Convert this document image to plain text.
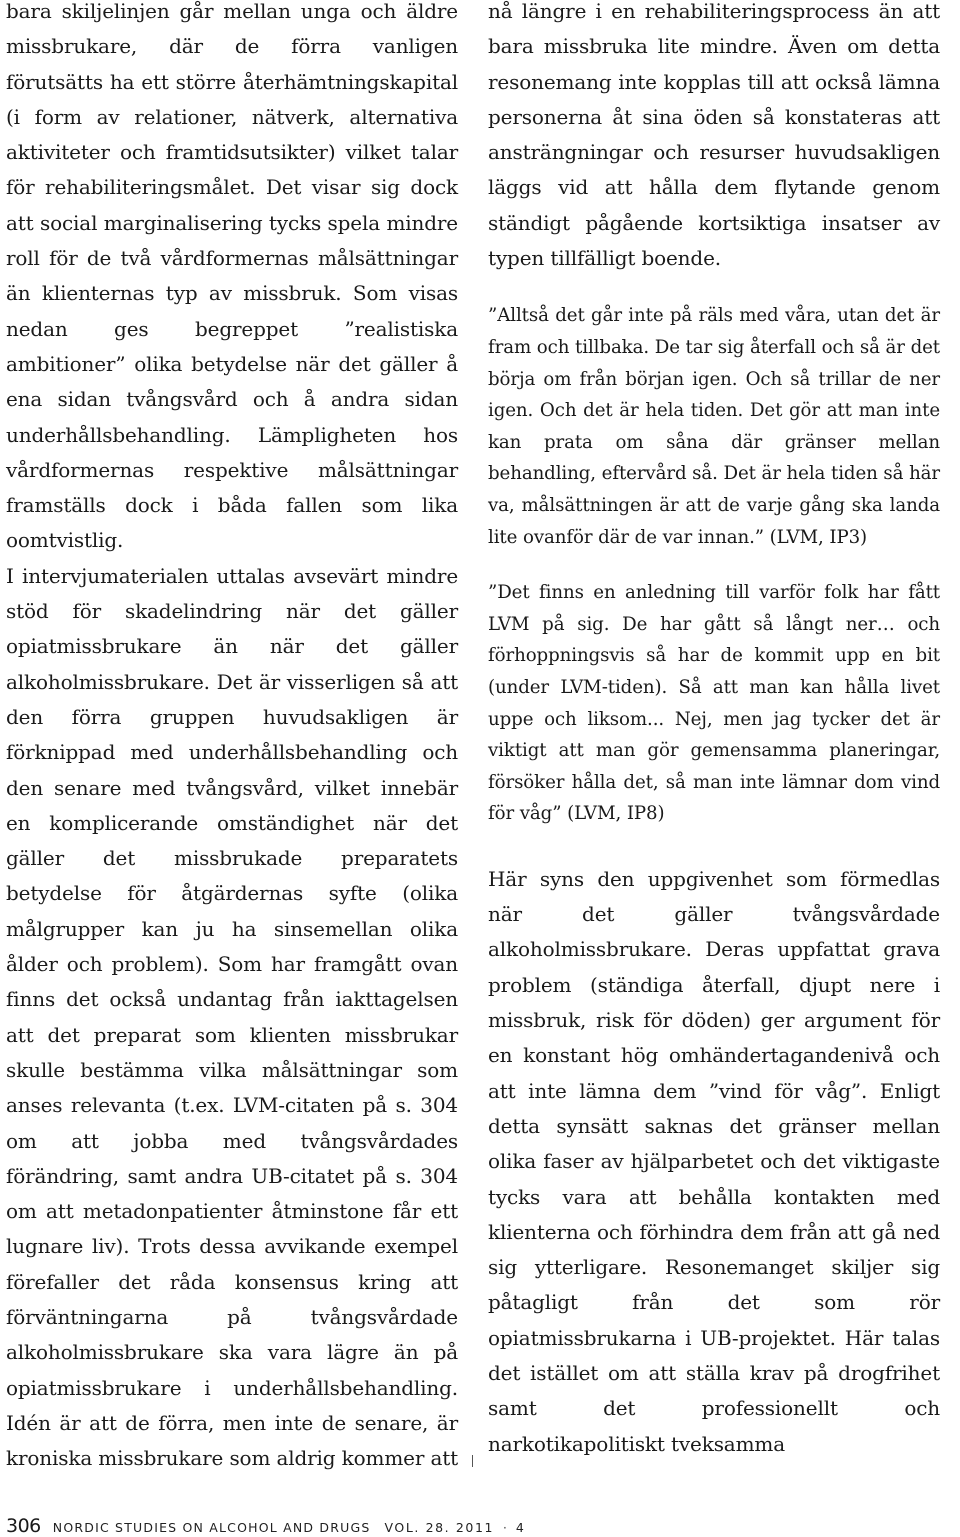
bara skiljelinjen går mellan unga och äldre missbrukare, där de förra vanligen förutsätts ha ett större återhämtningskapital (i form av relationer, nätverk, alternativa aktiviteter och framtidsutsikter) vilket talar för rehabiliteringsmålet. Det visar sig dock att social marginalisering tycks spela mindre roll för de två vårdformernas målsättningar än klienternas typ av missbruk. Som visas nedan ges begreppet ”realistiska ambitioner” olika betydelse när det gäller å ena sidan tvångsvård och å andra sidan underhållsbehandling. Lämpligheten hos vårdformernas respektive målsättningar framställs dock i båda fallen som lika oomtvistlig.

I intervjumaterialen uttalas avsevärt mindre stöd för skadelindring när det gäller opiatmissbrukare än när det gäller alkoholmissbrukare. Det är visserligen så att den förra gruppen huvudsakligen är förknippad med underhållsbehandling och den senare med tvångsvård, vilket innebär en komplicerande omständighet när det gäller det missbrukade preparatets betydelse för åtgärdernas syfte (olika målgrupper kan ju ha sinsemellan olika ålder och problem). Som har framgått ovan finns det också undantag från iakttagelsen att det preparat som klienten missbrukar skulle bestämma vilka målsättningar som anses relevanta (t.ex. LVM-citaten på s. 304 om att jobba med tvångsvårdades förändring, samt andra UB-citatet på s. 304 om att metadonpatienter åtminstone får ett lugnare liv). Trots dessa avvikande exempel förefaller det råda konsensus kring att förväntningarna på tvångsvårdade alkoholmissbrukare ska vara lägre än på opiatmissbrukare i underhållsbehandling. Idén är att de förra, men inte de senare, är kroniska missbrukare som aldrig kommer att

nå längre i en rehabiliteringsprocess än att bara missbruka lite mindre. Även om detta resonemang inte kopplas till att också lämna personerna åt sina öden så konstateras att ansträngningar och resurser huvudsakligen läggs vid att hålla dem flytande genom ständigt pågående kortsiktiga insatser av typen tillfälligt boende.

”Alltså det går inte på räls med våra, utan det är fram och tillbaka. De tar sig återfall och så är det börja om från början igen. Och så trillar de ner igen. Och det är hela tiden. Det gör att man inte kan prata om såna där gränser mellan behandling, eftervård så. Det är hela tiden så här va, målsättningen är att de varje gång ska landa lite ovanför där de var innan.” (LVM, IP3)

”Det finns en anledning till varför folk har fått LVM på sig. De har gått så långt ner… och förhoppningsvis så har de kommit upp en bit (under LVM-tiden). Så att man kan hålla livet uppe och liksom... Nej, men jag tycker det är viktigt att man gör gemensamma planeringar, försöker hålla det, så man inte lämnar dom vind för våg” (LVM, IP8)

Här syns den uppgivenhet som förmedlas när det gäller tvångsvårdade alkoholmissbrukare. Deras uppfattat grava problem (ständiga återfall, djupt nere i missbruk, risk för döden) ger argument för en konstant hög omhändertagandenivå och att inte lämna dem ”vind för våg”. Enligt detta synsätt saknas det gränser mellan olika faser av hjälparbetet och det viktigaste tycks vara att behålla kontakten med klienterna och förhindra dem från att gå ned sig ytterligare. Resonemanget skiljer sig påtagligt från det som rör opiatmissbrukarna i UB-projektet. Här talas det istället om att ställa krav på drogfrihet samt det professionellt och narkotikapolitiskt tveksamma

306 NORDIC STUDIES ON ALCOHOL AND DRUGS VOL. 28. 2011 · 4
